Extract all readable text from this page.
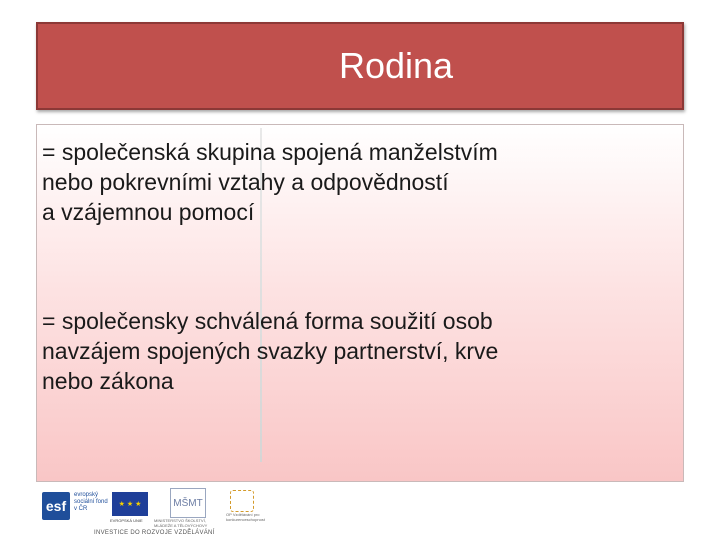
Rodina

= společenská skupina spojená manželstvím
nebo pokrevními vztahy a odpovědností
a vzájemnou pomocí

= společensky schválená forma soužití osob
navzájem spojených svazky partnerství, krve
nebo zákona

esf
evropský sociální fond v ČR
★ ★ ★
EVROPSKÁ UNIE
MŠMT
MINISTERSTVO ŠKOLSTVÍ, MLÁDEŽE A TĚLOVÝCHOVY
OP Vzdělávání pro konkurenceschopnost
INVESTICE DO ROZVOJE VZDĚLÁVÁNÍ
